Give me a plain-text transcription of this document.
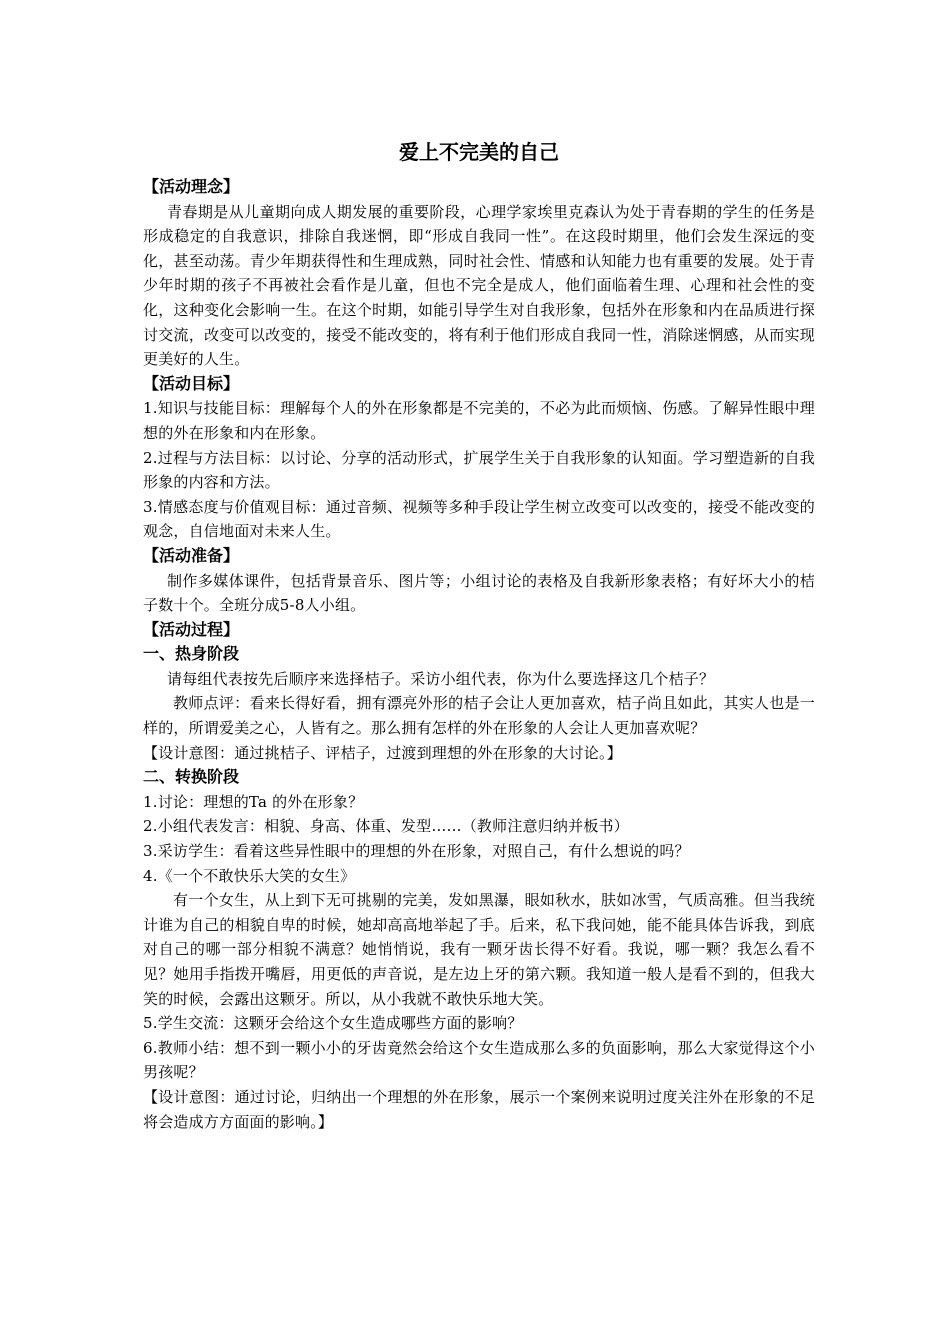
爱上不完美的自己
【活动理念】
青春期是从儿童期向成人期发展的重要阶段，心理学家埃里克森认为处于青春期的学生的任务是形成稳定的自我意识，排除自我迷惘，即“形成自我同一性”。在这段时期里，他们会发生深远的变化，甚至动荡。青少年期获得性和生理成熟，同时社会性、情感和认知能力也有重要的发展。处于青少年时期的孩子不再被社会看作是儿童，但也不完全是成人，他们面临着生理、心理和社会性的变化，这种变化会影响一生。在这个时期，如能引导学生对自我形象，包括外在形象和内在品质进行探讨交流，改变可以改变的，接受不能改变的，将有利于他们形成自我同一性，消除迷惘感，从而实现更美好的人生。
【活动目标】
1.知识与技能目标：理解每个人的外在形象都是不完美的，不必为此而烦恼、伤感。了解异性眼中理想的外在形象和内在形象。
2.过程与方法目标：以讨论、分享的活动形式，扩展学生关于自我形象的认知面。学习塑造新的自我形象的内容和方法。
3.情感态度与价值观目标：通过音频、视频等多种手段让学生树立改变可以改变的，接受不能改变的观念，自信地面对未来人生。
【活动准备】
制作多媒体课件，包括背景音乐、图片等；小组讨论的表格及自我新形象表格；有好坏大小的桔子数十个。全班分成5-8人小组。
【活动过程】
一、热身阶段
请每组代表按先后顺序来选择桔子。采访小组代表，你为什么要选择这几个桔子？
教师点评：看来长得好看，拥有漂亮外形的桔子会让人更加喜欢，桔子尚且如此，其实人也是一样的，所谓爱美之心，人皆有之。那么拥有怎样的外在形象的人会让人更加喜欢呢？
【设计意图：通过挑桔子、评桔子，过渡到理想的外在形象的大讨论。】
二、转换阶段
1.讨论：理想的Ta 的外在形象？
2.小组代表发言：相貌、身高、体重、发型……（教师注意归纳并板书）
3.采访学生：看着这些异性眼中的理想的外在形象，对照自己，有什么想说的吗？
4.《一个不敢快乐大笑的女生》
有一个女生，从上到下无可挑剔的完美，发如黑瀑，眼如秋水，肤如冰雪，气质高雅。但当我统计谁为自己的相貌自卑的时候，她却高高地举起了手。后来，私下我问她，能不能具体告诉我，到底对自己的哪一部分相貌不满意？她悄悄说，我有一颗牙齿长得不好看。我说，哪一颗？我怎么看不见？她用手指拨开嘴唇，用更低的声音说，是左边上牙的第六颗。我知道一般人是看不到的，但我大笑的时候，会露出这颗牙。所以，从小我就不敢快乐地大笑。
5.学生交流：这颗牙会给这个女生造成哪些方面的影响？
6.教师小结：想不到一颗小小的牙齿竟然会给这个女生造成那么多的负面影响，那么大家觉得这个小男孩呢？
【设计意图：通过讨论，归纳出一个理想的外在形象，展示一个案例来说明过度关注外在形象的不足将会造成方方面面的影响。】
